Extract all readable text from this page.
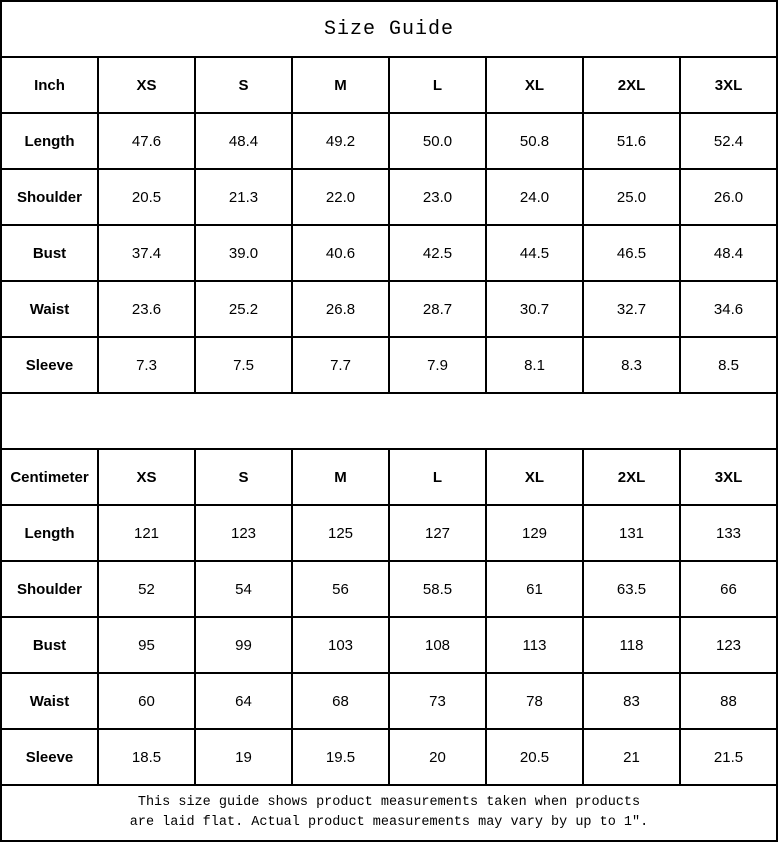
Size Guide							
Inch	XS	S	M	L	XL	2XL	3XL
Length	47.6	48.4	49.2	50.0	50.8	51.6	52.4
Shoulder	20.5	21.3	22.0	23.0	24.0	25.0	26.0
Bust	37.4	39.0	40.6	42.5	44.5	46.5	48.4
Waist	23.6	25.2	26.8	28.7	30.7	32.7	34.6
Sleeve	7.3	7.5	7.7	7.9	8.1	8.3	8.5

Centimeter	XS	S	M	L	XL	2XL	3XL
Length	121	123	125	127	129	131	133
Shoulder	52	54	56	58.5	61	63.5	66
Bust	95	99	103	108	113	118	123
Waist	60	64	68	73	78	83	88
Sleeve	18.5	19	19.5	20	20.5	21	21.5

This size guide shows product measurements taken when products
are laid flat. Actual product measurements may vary by up to 1″.							
